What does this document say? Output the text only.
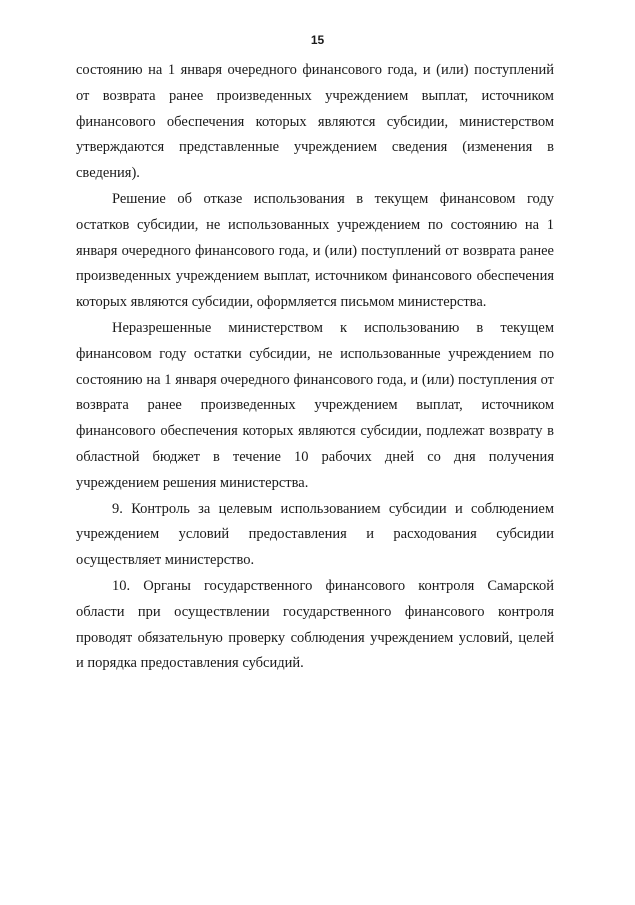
15

состоянию на 1 января очередного финансового года, и (или) поступлений от возврата ранее произведенных учреждением выплат, источником финансового обеспечения которых являются субсидии, министерством утверждаются представленные учреждением сведения (изменения в сведения).

Решение об отказе использования в текущем финансовом году остатков субсидии, не использованных учреждением по состоянию на 1 января очередного финансового года, и (или) поступлений от возврата ранее произведенных учреждением выплат, источником финансового обеспечения которых являются субсидии, оформляется письмом министерства.

Неразрешенные министерством к использованию в текущем финансовом году остатки субсидии, не использованные учреждением по состоянию на 1 января очередного финансового года, и (или) поступления от возврата ранее произведенных учреждением выплат, источником финансового обеспечения которых являются субсидии, подлежат возврату в областной бюджет в течение 10 рабочих дней со дня получения учреждением решения министерства.

9. Контроль за целевым использованием субсидии и соблюдением учреждением условий предоставления и расходования субсидии осуществляет министерство.

10. Органы государственного финансового контроля Самарской области при осуществлении государственного финансового контроля проводят обязательную проверку соблюдения учреждением условий, целей и порядка предоставления субсидий.
